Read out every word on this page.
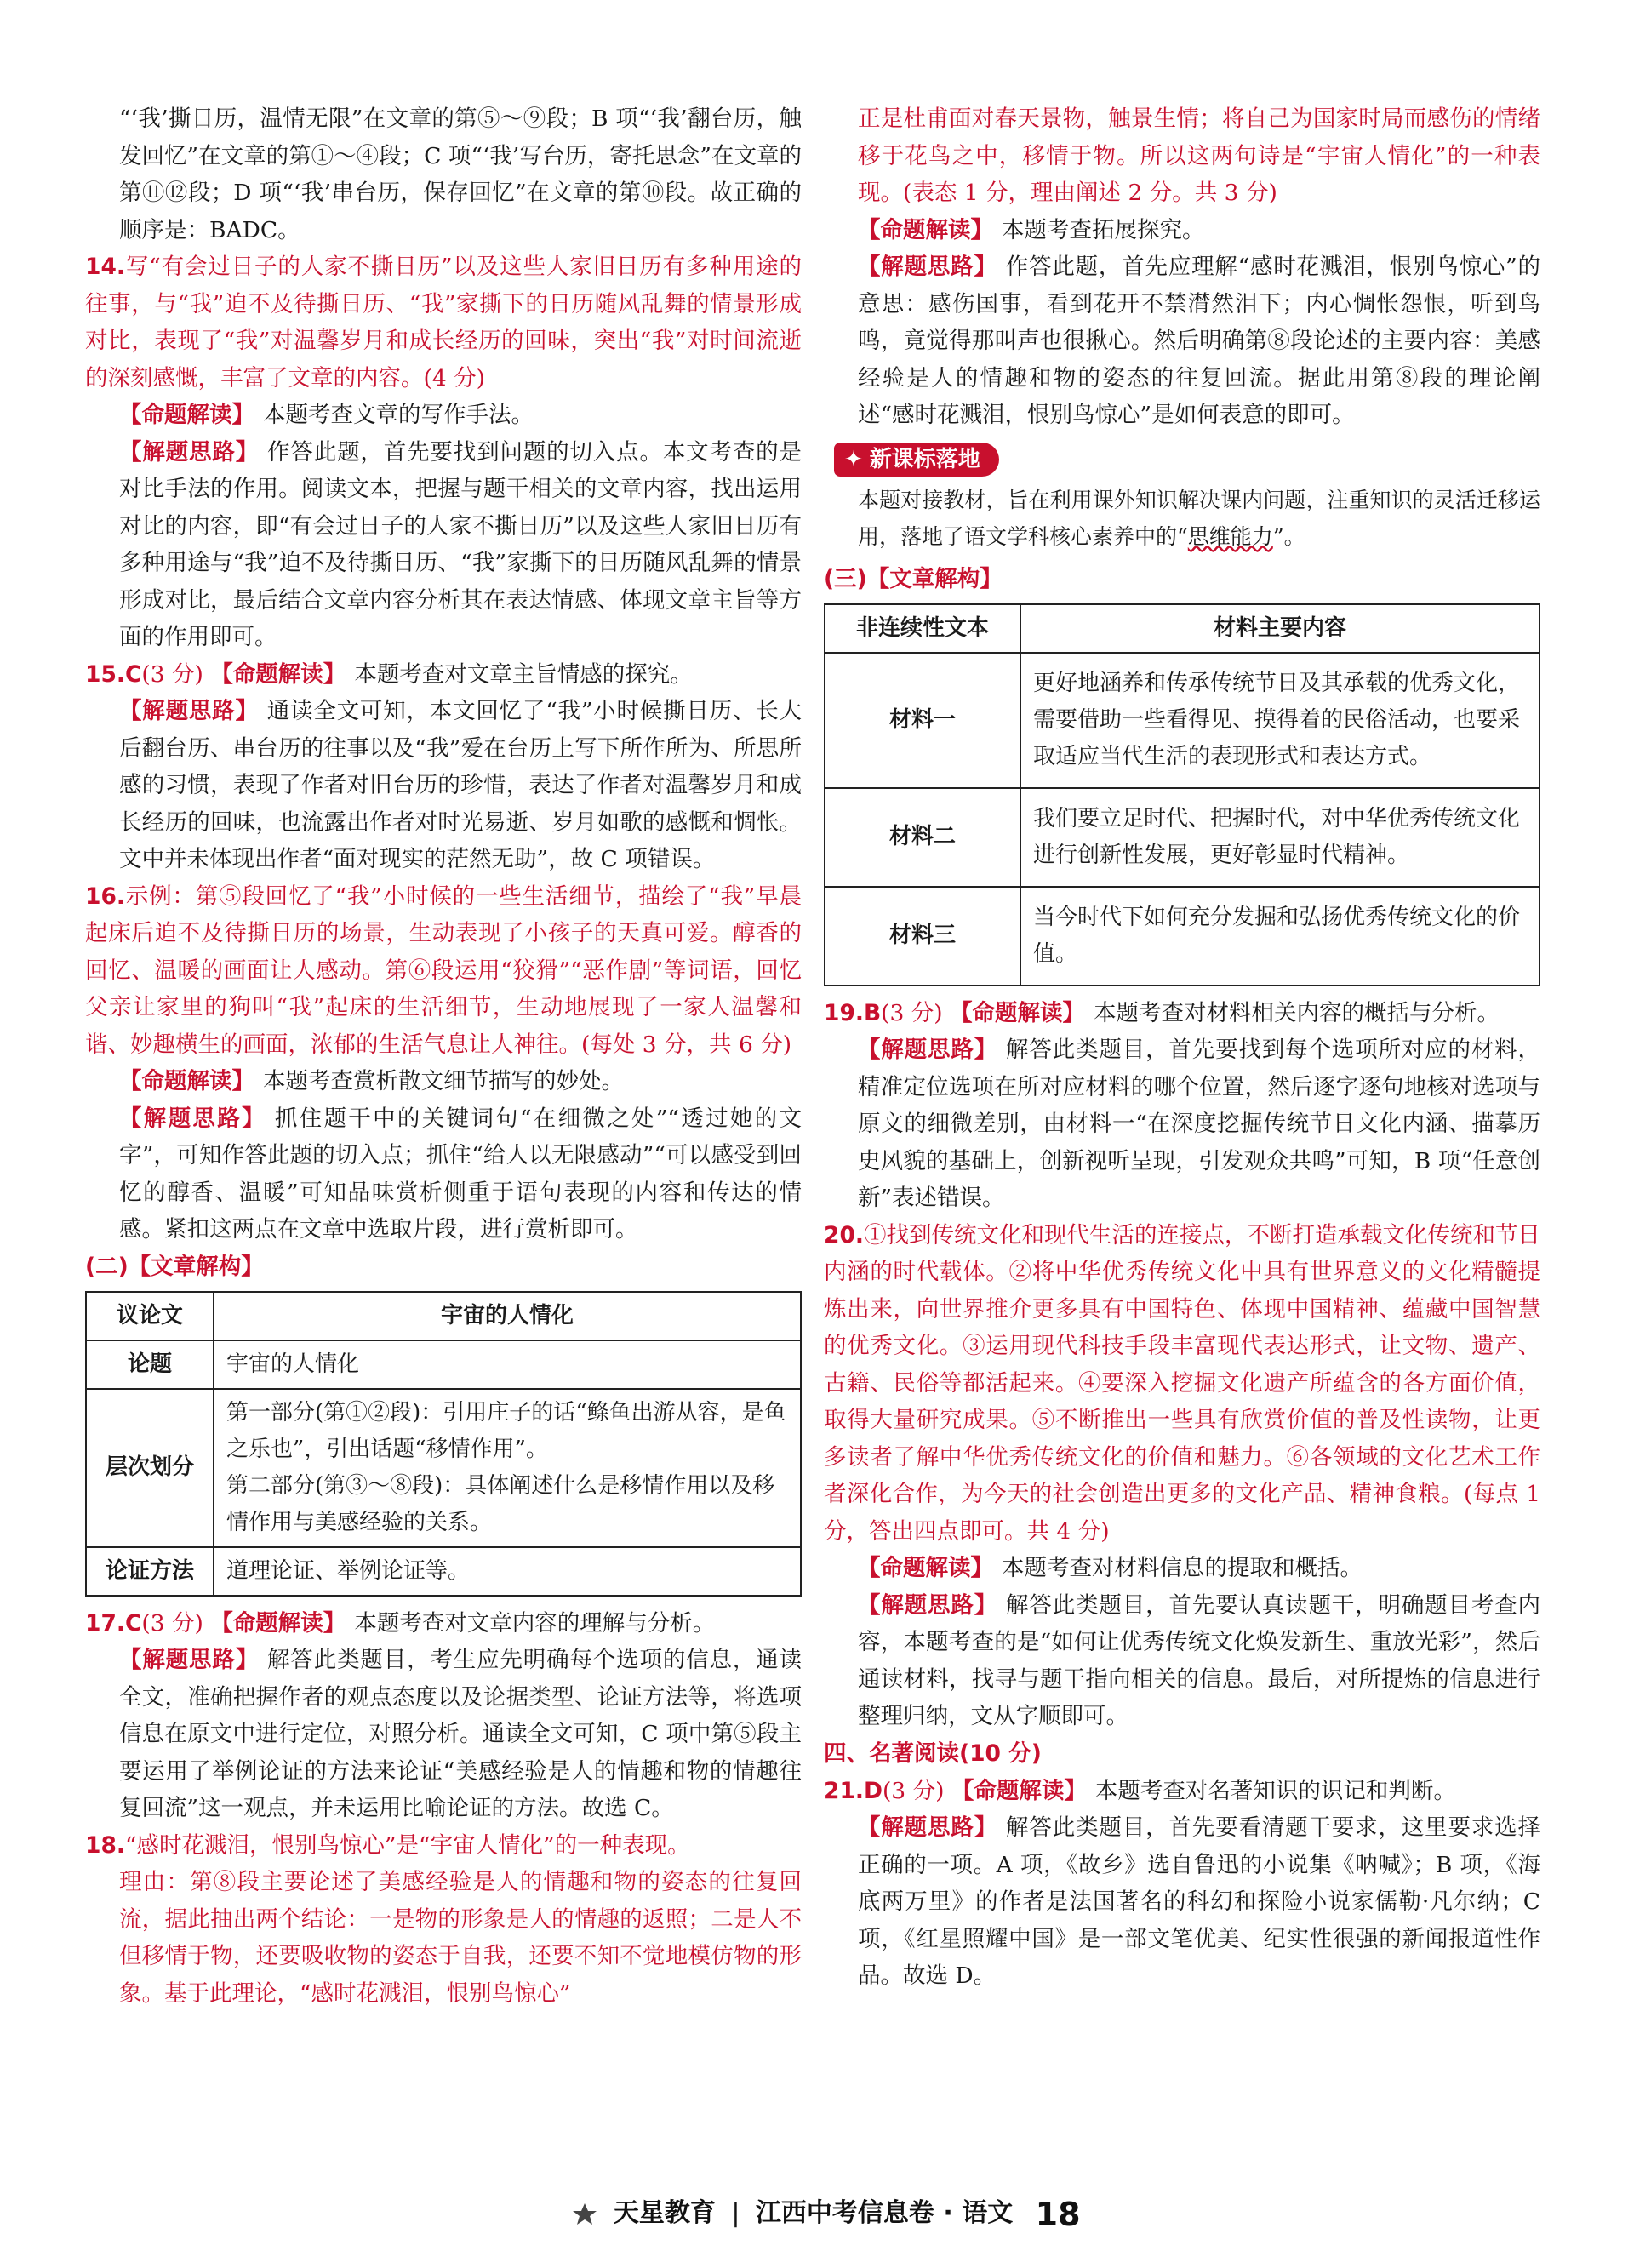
“‘我’撕日历，温情无限”在文章的第⑤～⑨段；B 项“‘我’翻台历，触发回忆”在文章的第①～④段；C 项“‘我’写台历，寄托思念”在文章的第⑪⑫段；D 项“‘我’串台历，保存回忆”在文章的第⑩段。故正确的顺序是：BADC。

14.写“有会过日子的人家不撕日历”以及这些人家旧日历有多种用途的往事，与“我”迫不及待撕日历、“我”家撕下的日历随风乱舞的情景形成对比，表现了“我”对温馨岁月和成长经历的回味，突出“我”对时间流逝的深刻感慨，丰富了文章的内容。(4 分)

【命题解读】 本题考查文章的写作手法。

【解题思路】 作答此题，首先要找到问题的切入点。本文考查的是对比手法的作用。阅读文本，把握与题干相关的文章内容，找出运用对比的内容，即“有会过日子的人家不撕日历”以及这些人家旧日历有多种用途与“我”迫不及待撕日历、“我”家撕下的日历随风乱舞的情景形成对比，最后结合文章内容分析其在表达情感、体现文章主旨等方面的作用即可。

15.C(3 分) 【命题解读】 本题考查对文章主旨情感的探究。

【解题思路】 通读全文可知，本文回忆了“我”小时候撕日历、长大后翻台历、串台历的往事以及“我”爱在台历上写下所作所为、所思所感的习惯，表现了作者对旧台历的珍惜，表达了作者对温馨岁月和成长经历的回味，也流露出作者对时光易逝、岁月如歌的感慨和惆怅。文中并未体现出作者“面对现实的茫然无助”，故 C 项错误。

16.示例：第⑤段回忆了“我”小时候的一些生活细节，描绘了“我”早晨起床后迫不及待撕日历的场景，生动表现了小孩子的天真可爱。醇香的回忆、温暖的画面让人感动。第⑥段运用“狡猾”“恶作剧”等词语，回忆父亲让家里的狗叫“我”起床的生活细节，生动地展现了一家人温馨和谐、妙趣横生的画面，浓郁的生活气息让人神往。(每处 3 分，共 6 分)

【命题解读】 本题考查赏析散文细节描写的妙处。

【解题思路】 抓住题干中的关键词句“在细微之处”“透过她的文字”，可知作答此题的切入点；抓住“给人以无限感动”“可以感受到回忆的醇香、温暖”可知品味赏析侧重于语句表现的内容和传达的情感。紧扣这两点在文章中选取片段，进行赏析即可。

(二)【文章解构】

议论文	宇宙的人情化
论题	宇宙的人情化
层次划分	第一部分(第①②段)：引用庄子的话“鲦鱼出游从容，是鱼之乐也”，引出话题“移情作用”。
第二部分(第③～⑧段)：具体阐述什么是移情作用以及移情作用与美感经验的关系。

论证方法	道理论证、举例论证等。

17.C(3 分) 【命题解读】 本题考查对文章内容的理解与分析。

【解题思路】 解答此类题目，考生应先明确每个选项的信息，通读全文，准确把握作者的观点态度以及论据类型、论证方法等，将选项信息在原文中进行定位，对照分析。通读全文可知，C 项中第⑤段主要运用了举例论证的方法来论证“美感经验是人的情趣和物的情趣往复回流”这一观点，并未运用比喻论证的方法。故选 C。

18.“感时花溅泪，恨别鸟惊心”是“宇宙人情化”的一种表现。

理由：第⑧段主要论述了美感经验是人的情趣和物的姿态的往复回流，据此抽出两个结论：一是物的形象是人的情趣的返照；二是人不但移情于物，还要吸收物的姿态于自我，还要不知不觉地模仿物的形象。基于此理论，“感时花溅泪，恨别鸟惊心”

正是杜甫面对春天景物，触景生情；将自己为国家时局而感伤的情绪移于花鸟之中，移情于物。所以这两句诗是“宇宙人情化”的一种表现。(表态 1 分，理由阐述 2 分。共 3 分)

【命题解读】 本题考查拓展探究。

【解题思路】 作答此题，首先应理解“感时花溅泪，恨别鸟惊心”的意思：感伤国事，看到花开不禁潸然泪下；内心惆怅怨恨，听到鸟鸣，竟觉得那叫声也很揪心。然后明确第⑧段论述的主要内容：美感经验是人的情趣和物的姿态的往复回流。据此用第⑧段的理论阐述“感时花溅泪，恨别鸟惊心”是如何表意的即可。

✦ 新课标落地

本题对接教材，旨在利用课外知识解决课内问题，注重知识的灵活迁移运用，落地了语文学科核心素养中的“思维能力”。

(三)【文章解构】

非连续性文本	材料主要内容
材料一	更好地涵养和传承传统节日及其承载的优秀文化，需要借助一些看得见、摸得着的民俗活动，也要采取适应当代生活的表现形式和表达方式。
材料二	我们要立足时代、把握时代，对中华优秀传统文化进行创新性发展，更好彰显时代精神。
材料三	当今时代下如何充分发掘和弘扬优秀传统文化的价值。

19.B(3 分) 【命题解读】 本题考查对材料相关内容的概括与分析。

【解题思路】 解答此类题目，首先要找到每个选项所对应的材料，精准定位选项在所对应材料的哪个位置，然后逐字逐句地核对选项与原文的细微差别，由材料一“在深度挖掘传统节日文化内涵、描摹历史风貌的基础上，创新视听呈现，引发观众共鸣”可知，B 项“任意创新”表述错误。

20.①找到传统文化和现代生活的连接点，不断打造承载文化传统和节日内涵的时代载体。②将中华优秀传统文化中具有世界意义的文化精髓提炼出来，向世界推介更多具有中国特色、体现中国精神、蕴藏中国智慧的优秀文化。③运用现代科技手段丰富现代表达形式，让文物、遗产、古籍、民俗等都活起来。④要深入挖掘文化遗产所蕴含的各方面价值，取得大量研究成果。⑤不断推出一些具有欣赏价值的普及性读物，让更多读者了解中华优秀传统文化的价值和魅力。⑥各领域的文化艺术工作者深化合作，为今天的社会创造出更多的文化产品、精神食粮。(每点 1 分，答出四点即可。共 4 分)

【命题解读】 本题考查对材料信息的提取和概括。

【解题思路】 解答此类题目，首先要认真读题干，明确题目考查内容，本题考查的是“如何让优秀传统文化焕发新生、重放光彩”，然后通读材料，找寻与题干指向相关的信息。最后，对所提炼的信息进行整理归纳，文从字顺即可。

四、名著阅读(10 分)

21.D(3 分) 【命题解读】 本题考查对名著知识的识记和判断。

【解题思路】 解答此类题目，首先要看清题干要求，这里要求选择正确的一项。A 项，《故乡》选自鲁迅的小说集《呐喊》；B 项，《海底两万里》的作者是法国著名的科幻和探险小说家儒勒·凡尔纳；C 项，《红星照耀中国》是一部文笔优美、纪实性很强的新闻报道性作品。故选 D。

天星教育 | 江西中考信息卷 · 语文 18
